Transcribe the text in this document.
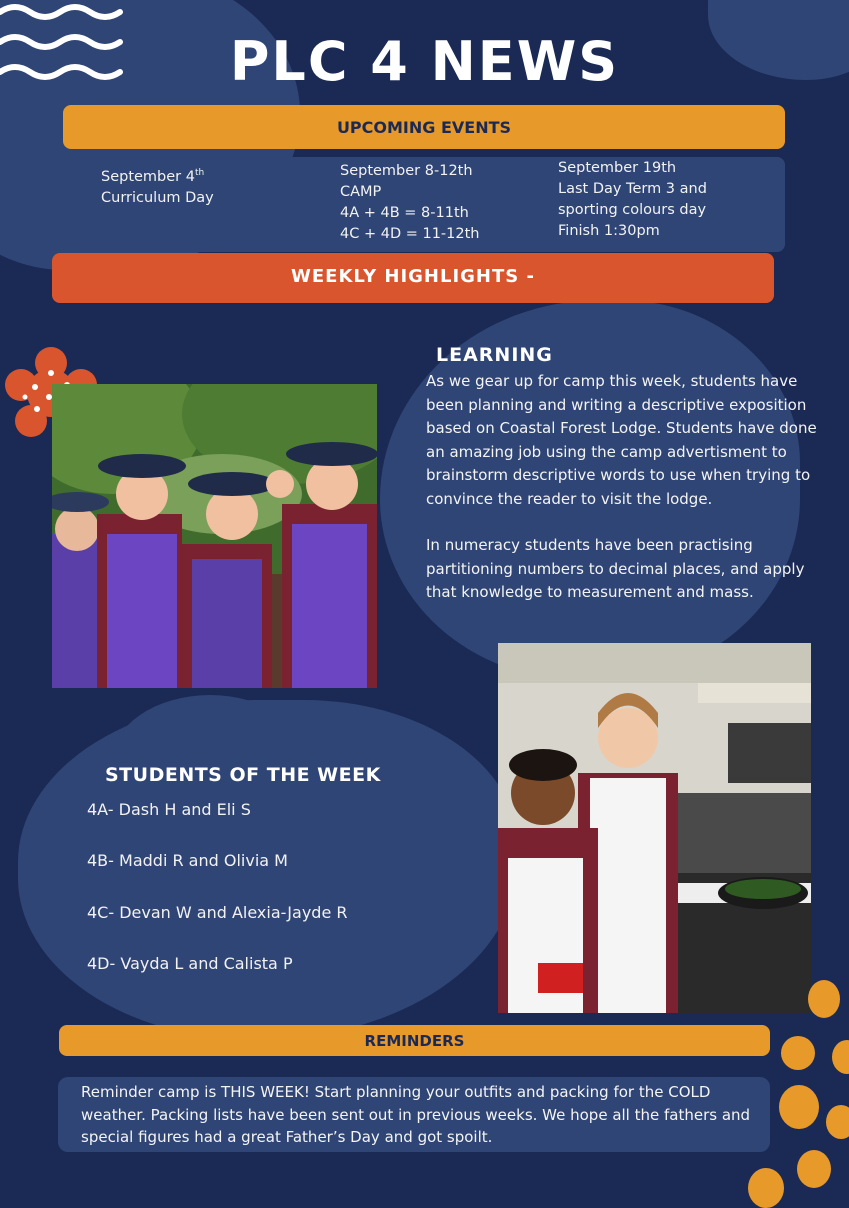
PLC 4 NEWS
UPCOMING EVENTS
September 4th
Curriculum Day
September 8-12th
CAMP
4A + 4B = 8-11th
4C + 4D = 11-12th
September 19th
Last Day Term 3 and
sporting colours day
Finish 1:30pm
WEEKLY HIGHLIGHTS -
LEARNING
As we gear up for camp this week, students have been planning and writing a descriptive exposition based on Coastal Forest Lodge. Students have done an amazing job using the camp advertisment to brainstorm descriptive words to use when trying to convince the reader to visit the lodge.
In numeracy students have been practising partitioning numbers to decimal places, and apply that knowledge to measurement and mass.
STUDENTS OF THE WEEK
4A- Dash H and Eli S
4B- Maddi R and Olivia M
4C- Devan W and Alexia-Jayde R
4D- Vayda L and Calista P
REMINDERS
Reminder camp is THIS WEEK! Start planning your outfits and packing for the COLD weather. Packing lists have been sent out in previous weeks. We hope all the fathers and special figures had a great Father’s Day and got spoilt.
